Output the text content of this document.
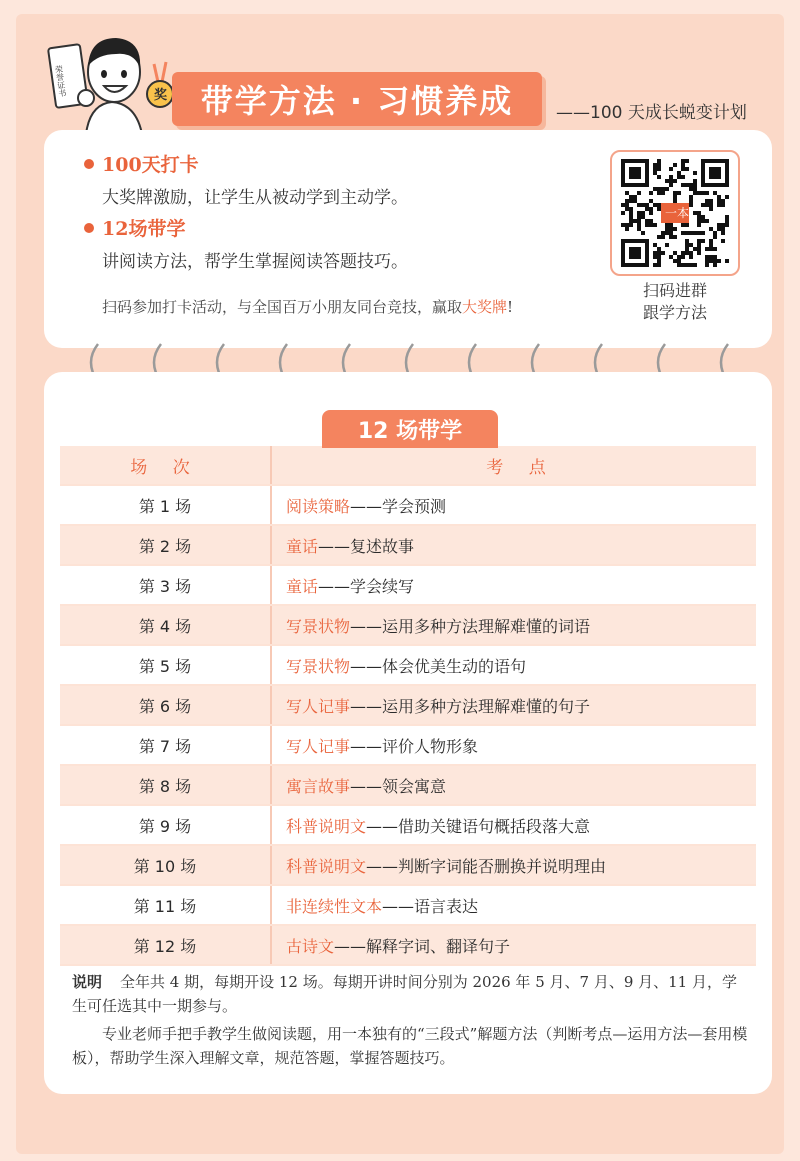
荣誉证书	奖	带学方法 · 习惯养成	——100 天成长蜕变计划
100天打卡
大奖牌激励，让学生从被动学到主动学。
12场带学
讲阅读方法，帮学生掌握阅读答题技巧。
扫码参加打卡活动，与全国百万小朋友同台竞技，赢取大奖牌!
一本
扫码进群
跟学方法
12 场带学
场 次	考 点
第 1 场	阅读策略——学会预测
第 2 场	童话——复述故事
第 3 场	童话——学会续写
第 4 场	写景状物——运用多种方法理解难懂的词语
第 5 场	写景状物——体会优美生动的语句
第 6 场	写人记事——运用多种方法理解难懂的句子
第 7 场	写人记事——评价人物形象
第 8 场	寓言故事——领会寓意
第 9 场	科普说明文——借助关键语句概括段落大意
第 10 场	科普说明文——判断字词能否删换并说明理由
第 11 场	非连续性文本——语言表达
第 12 场	古诗文——解释字词、翻译句子

说明 全年共 4 期，每期开设 12 场。每期开讲时间分别为 2026 年 5 月、7 月、9 月、11 月，学生可任选其中一期参与。

专业老师手把手教学生做阅读题，用一本独有的“三段式”解题方法（判断考点—运用方法—套用模板），帮助学生深入理解文章，规范答题，掌握答题技巧。
